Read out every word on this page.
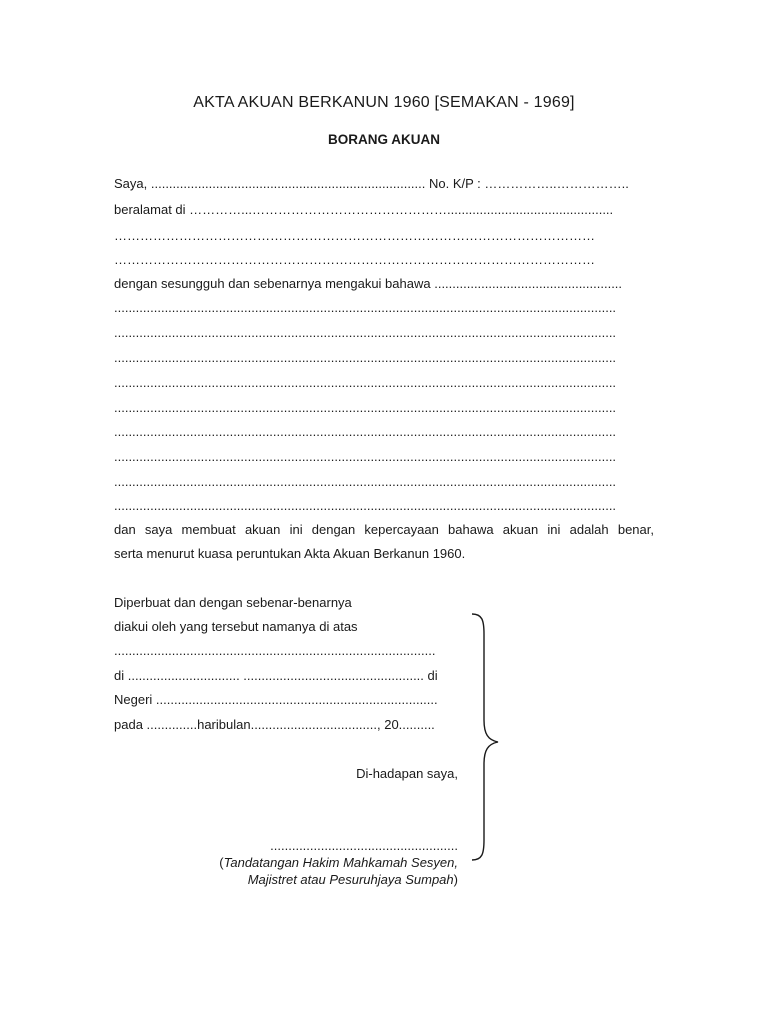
AKTA AKUAN BERKANUN 1960 [SEMAKAN - 1969]
BORANG AKUAN
Saya, ............................................................................ No. K/P : ……………..……………..
beralamat di …………...………………………………………..............................................
…………………………………………………………………………………………………
…………………………………………………………………………………………………
dengan sesungguh dan sebenarnya mengakui bahawa ....................................................
...........................................................................................................................................
...........................................................................................................................................
...........................................................................................................................................
...........................................................................................................................................
...........................................................................................................................................
...........................................................................................................................................
...........................................................................................................................................
...........................................................................................................................................
...........................................................................................................................................
dan saya membuat akuan ini dengan kepercayaan bahawa akuan ini adalah benar,
serta menurut kuasa peruntukan Akta Akuan Berkanun 1960.
Diperbuat dan dengan sebenar-benarnya
diakui oleh yang tersebut namanya di atas
.........................................................................................
di ............................... .................................................. di
Negeri ..............................................................................
pada ..............haribulan..................................., 20..........
Di-hadapan saya,
....................................................
(Tandatangan Hakim Mahkamah Sesyen,
Majistret atau Pesuruhjaya Sumpah)
